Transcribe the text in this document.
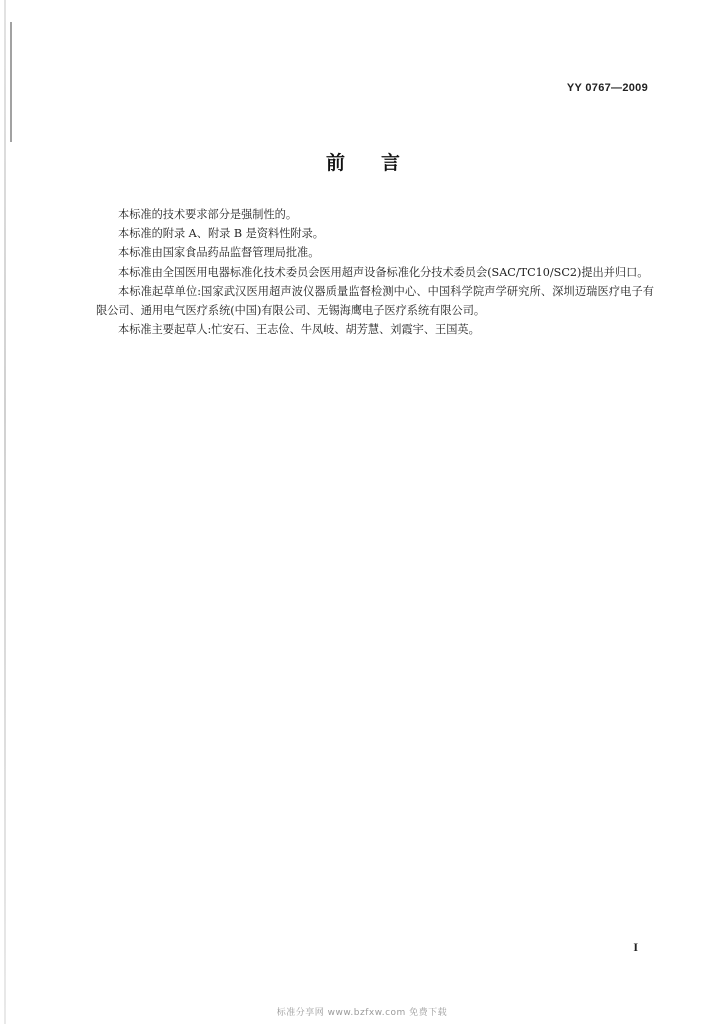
YY 0767—2009
前言

本标准的技术要求部分是强制性的。

本标准的附录 A、附录 B 是资料性附录。

本标准由国家食品药品监督管理局批准。

本标准由全国医用电器标准化技术委员会医用超声设备标准化分技术委员会(SAC/TC10/SC2)提出并归口。

本标准起草单位:国家武汉医用超声波仪器质量监督检测中心、中国科学院声学研究所、深圳迈瑞医疗电子有限公司、通用电气医疗系统(中国)有限公司、无锡海鹰电子医疗系统有限公司。

本标准主要起草人:忙安石、王志俭、牛凤岐、胡芳慧、刘霞宇、王国英。

I
标准分享网 www.bzfxw.com 免费下载
